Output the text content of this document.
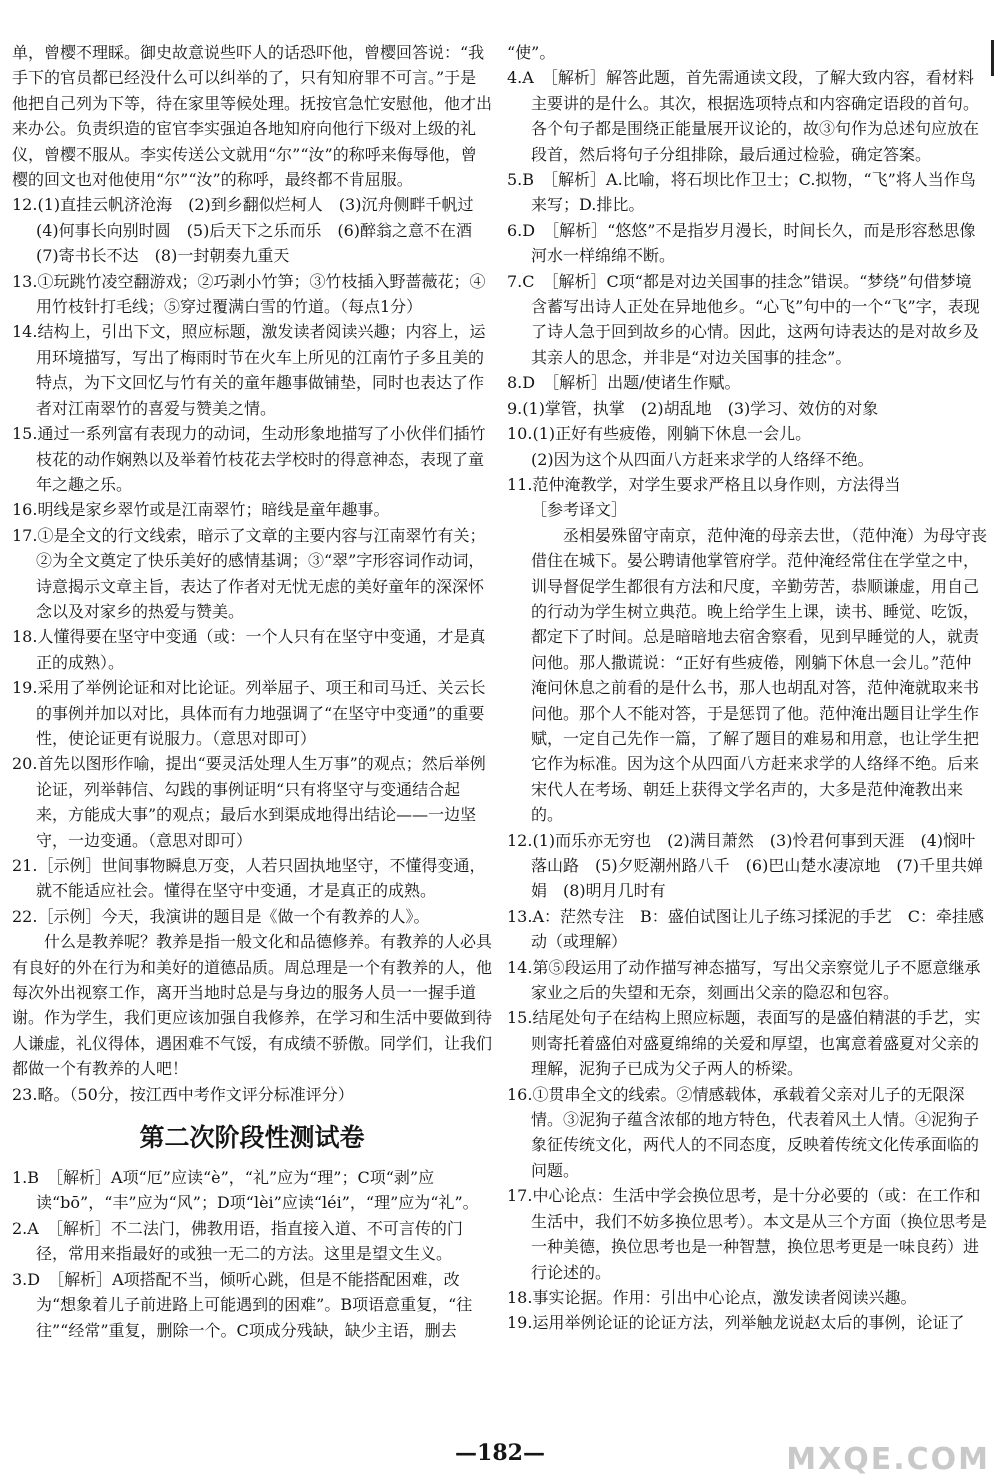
单，曾樱不理睬。御史故意说些吓人的话恐吓他，曾樱回答说：“我手下的官员都已经没什么可以纠举的了，只有知府罪不可言。”于是他把自己列为下等，待在家里等候处理。抚按官急忙安慰他，他才出来办公。负责织造的宦官李实强迫各地知府向他行下级对上级的礼仪，曾樱不服从。李实传送公文就用“尔”“汝”的称呼来侮辱他，曾樱的回文也对他使用“尔”“汝”的称呼，最终都不肯屈服。

12.(1)直挂云帆济沧海　(2)到乡翻似烂柯人　(3)沉舟侧畔千帆过　(4)何事长向别时圆　(5)后天下之乐而乐　(6)醉翁之意不在酒　(7)寄书长不达　(8)一封朝奏九重天

13.①玩跳竹凌空翻游戏；②巧剥小竹笋；③竹枝插入野蔷薇花；④用竹枝针打毛线；⑤穿过覆满白雪的竹道。（每点1分）

14.结构上，引出下文，照应标题，激发读者阅读兴趣；内容上，运用环境描写，写出了梅雨时节在火车上所见的江南竹子多且美的特点，为下文回忆与竹有关的童年趣事做铺垫，同时也表达了作者对江南翠竹的喜爱与赞美之情。

15.通过一系列富有表现力的动词，生动形象地描写了小伙伴们插竹枝花的动作娴熟以及举着竹枝花去学校时的得意神态，表现了童年之趣之乐。

16.明线是家乡翠竹或是江南翠竹；暗线是童年趣事。

17.①是全文的行文线索，暗示了文章的主要内容与江南翠竹有关；②为全文奠定了快乐美好的感情基调；③“翠”字形容词作动词，诗意揭示文章主旨，表达了作者对无忧无虑的美好童年的深深怀念以及对家乡的热爱与赞美。

18.人懂得要在坚守中变通（或：一个人只有在坚守中变通，才是真正的成熟）。

19.采用了举例论证和对比论证。列举屈子、项王和司马迁、关云长的事例并加以对比，具体而有力地强调了“在坚守中变通”的重要性，使论证更有说服力。（意思对即可）

20.首先以图形作喻，提出“要灵活处理人生万事”的观点；然后举例论证，列举韩信、勾践的事例证明“只有将坚守与变通结合起来，方能成大事”的观点；最后水到渠成地得出结论——一边坚守，一边变通。（意思对即可）

21.［示例］世间事物瞬息万变，人若只固执地坚守，不懂得变通，就不能适应社会。懂得在坚守中变通，才是真正的成熟。

22.［示例］今天，我演讲的题目是《做一个有教养的人》。

什么是教养呢？教养是指一般文化和品德修养。有教养的人必具有良好的外在行为和美好的道德品质。周总理是一个有教养的人，他每次外出视察工作，离开当地时总是与身边的服务人员一一握手道谢。作为学生，我们更应该加强自我修养，在学习和生活中要做到待人谦虚，礼仪得体，遇困难不气馁，有成绩不骄傲。同学们，让我们都做一个有教养的人吧！

23.略。（50分，按江西中考作文评分标准评分）

第二次阶段性测试卷

1.B　［解析］A项“厄”应读“è”，“礼”应为“理”；C项“剥”应读“bō”，“丰”应为“风”；D项“lèi”应读“léi”，“理”应为“礼”。

2.A　［解析］不二法门，佛教用语，指直接入道、不可言传的门径，常用来指最好的或独一无二的方法。这里是望文生义。

3.D　［解析］A项搭配不当，倾听心跳，但是不能搭配困难，改为“想象着儿子前进路上可能遇到的困难”。B项语意重复，“往往”“经常”重复，删除一个。C项成分残缺，缺少主语，删去

“使”。

4.A　［解析］解答此题，首先需通读文段，了解大致内容，看材料主要讲的是什么。其次，根据选项特点和内容确定语段的首句。各个句子都是围绕正能量展开议论的，故③句作为总述句应放在段首，然后将句子分组排除，最后通过检验，确定答案。

5.B　［解析］A.比喻，将石坝比作卫士；C.拟物，“飞”将人当作鸟来写；D.排比。

6.D　［解析］“悠悠”不是指岁月漫长，时间长久，而是形容愁思像河水一样绵绵不断。

7.C　［解析］C项“都是对边关国事的挂念”错误。“梦绕”句借梦境含蓄写出诗人正处在异地他乡。“心飞”句中的一个“飞”字，表现了诗人急于回到故乡的心情。因此，这两句诗表达的是对故乡及其亲人的思念，并非是“对边关国事的挂念”。

8.D　［解析］出题/使诸生作赋。

9.(1)掌管，执掌　(2)胡乱地　(3)学习、效仿的对象

10.(1)正好有些疲倦，刚躺下休息一会儿。

(2)因为这个从四面八方赶来求学的人络绎不绝。

11.范仲淹教学，对学生要求严格且以身作则，方法得当

［参考译文］

丞相晏殊留守南京，范仲淹的母亲去世，（范仲淹）为母守丧借住在城下。晏公聘请他掌管府学。范仲淹经常住在学堂之中，训导督促学生都很有方法和尺度，辛勤劳苦，恭顺谦虚，用自己的行动为学生树立典范。晚上给学生上课，读书、睡觉、吃饭，都定下了时间。总是暗暗地去宿舍察看，见到早睡觉的人，就责问他。那人撒谎说：“正好有些疲倦，刚躺下休息一会儿。”范仲淹问休息之前看的是什么书，那人也胡乱对答，范仲淹就取来书问他。那个人不能对答，于是惩罚了他。范仲淹出题目让学生作赋，一定自己先作一篇，了解了题目的难易和用意，也让学生把它作为标准。因为这个从四面八方赶来求学的人络绎不绝。后来宋代人在考场、朝廷上获得文学名声的，大多是范仲淹教出来的。

12.(1)而乐亦无穷也　(2)满目萧然　(3)怜君何事到天涯　(4)悯叶落山路　(5)夕贬潮州路八千　(6)巴山楚水凄凉地　(7)千里共婵娟　(8)明月几时有

13.A：茫然专注　B：盛伯试图让儿子练习揉泥的手艺　C：牵挂感动（或理解）

14.第⑤段运用了动作描写神态描写，写出父亲察觉儿子不愿意继承家业之后的失望和无奈，刻画出父亲的隐忍和包容。

15.结尾处句子在结构上照应标题，表面写的是盛伯精湛的手艺，实则寄托着盛伯对盛夏绵绵的关爱和厚望，也寓意着盛夏对父亲的理解，泥狗子已成为父子两人的桥梁。

16.①贯串全文的线索。②情感载体，承载着父亲对儿子的无限深情。③泥狗子蕴含浓郁的地方特色，代表着风土人情。④泥狗子象征传统文化，两代人的不同态度，反映着传统文化传承面临的问题。

17.中心论点：生活中学会换位思考，是十分必要的（或：在工作和生活中，我们不妨多换位思考）。本文是从三个方面（换位思考是一种美德，换位思考也是一种智慧，换位思考更是一味良药）进行论述的。

18.事实论据。作用：引出中心论点，激发读者阅读兴趣。

19.运用举例论证的论证方法，列举触龙说赵太后的事例，论证了

—182—	MXQE.COM
